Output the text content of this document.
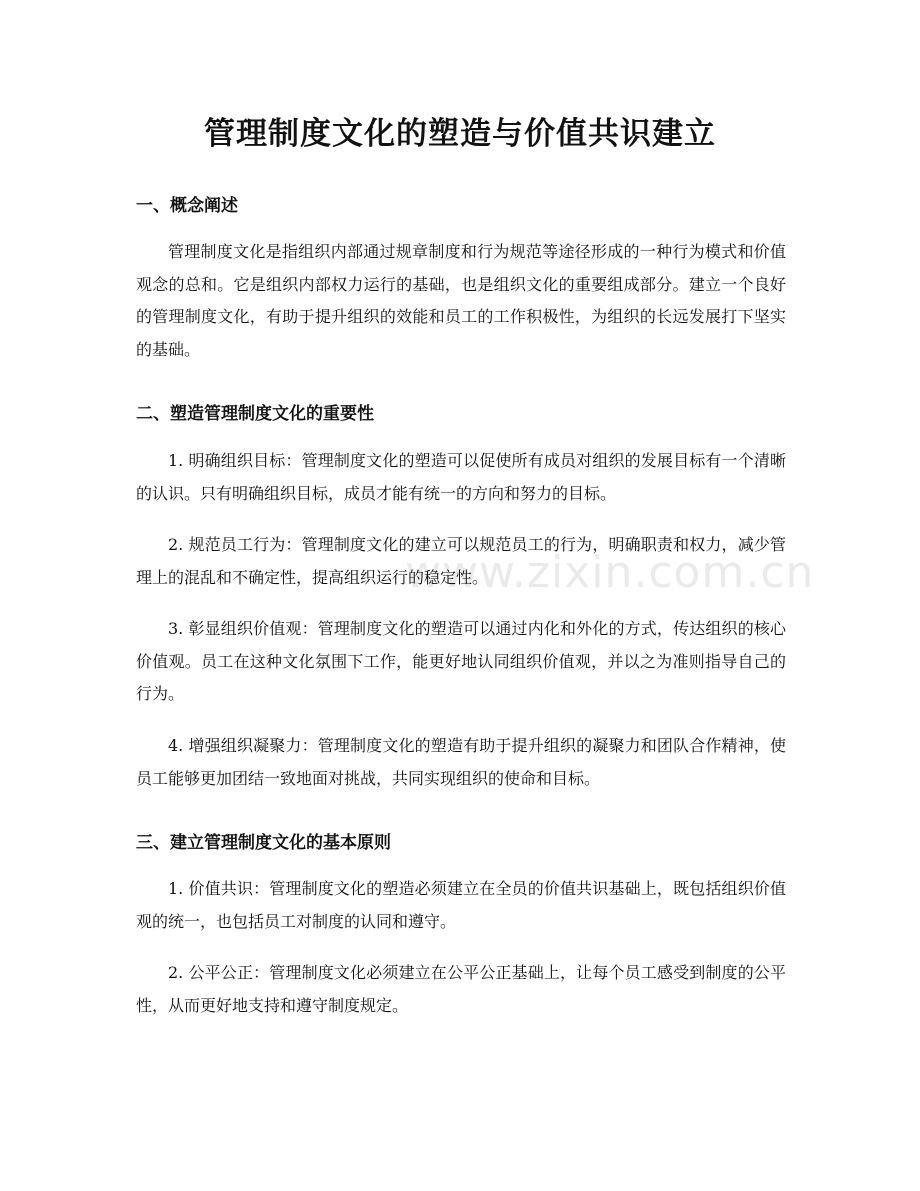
管理制度文化的塑造与价值共识建立
www.zixin.com.cn
一、概念阐述

管理制度文化是指组织内部通过规章制度和行为规范等途径形成的一种行为模式和价值观念的总和。它是组织内部权力运行的基础，也是组织文化的重要组成部分。建立一个良好的管理制度文化，有助于提升组织的效能和员工的工作积极性，为组织的长远发展打下坚实的基础。

二、塑造管理制度文化的重要性

1. 明确组织目标：管理制度文化的塑造可以促使所有成员对组织的发展目标有一个清晰的认识。只有明确组织目标，成员才能有统一的方向和努力的目标。

2. 规范员工行为：管理制度文化的建立可以规范员工的行为，明确职责和权力，减少管理上的混乱和不确定性，提高组织运行的稳定性。

3. 彰显组织价值观：管理制度文化的塑造可以通过内化和外化的方式，传达组织的核心价值观。员工在这种文化氛围下工作，能更好地认同组织价值观，并以之为准则指导自己的行为。

4. 增强组织凝聚力：管理制度文化的塑造有助于提升组织的凝聚力和团队合作精神，使员工能够更加团结一致地面对挑战，共同实现组织的使命和目标。

三、建立管理制度文化的基本原则

1. 价值共识：管理制度文化的塑造必须建立在全员的价值共识基础上，既包括组织价值观的统一，也包括员工对制度的认同和遵守。

2. 公平公正：管理制度文化必须建立在公平公正基础上，让每个员工感受到制度的公平性，从而更好地支持和遵守制度规定。
